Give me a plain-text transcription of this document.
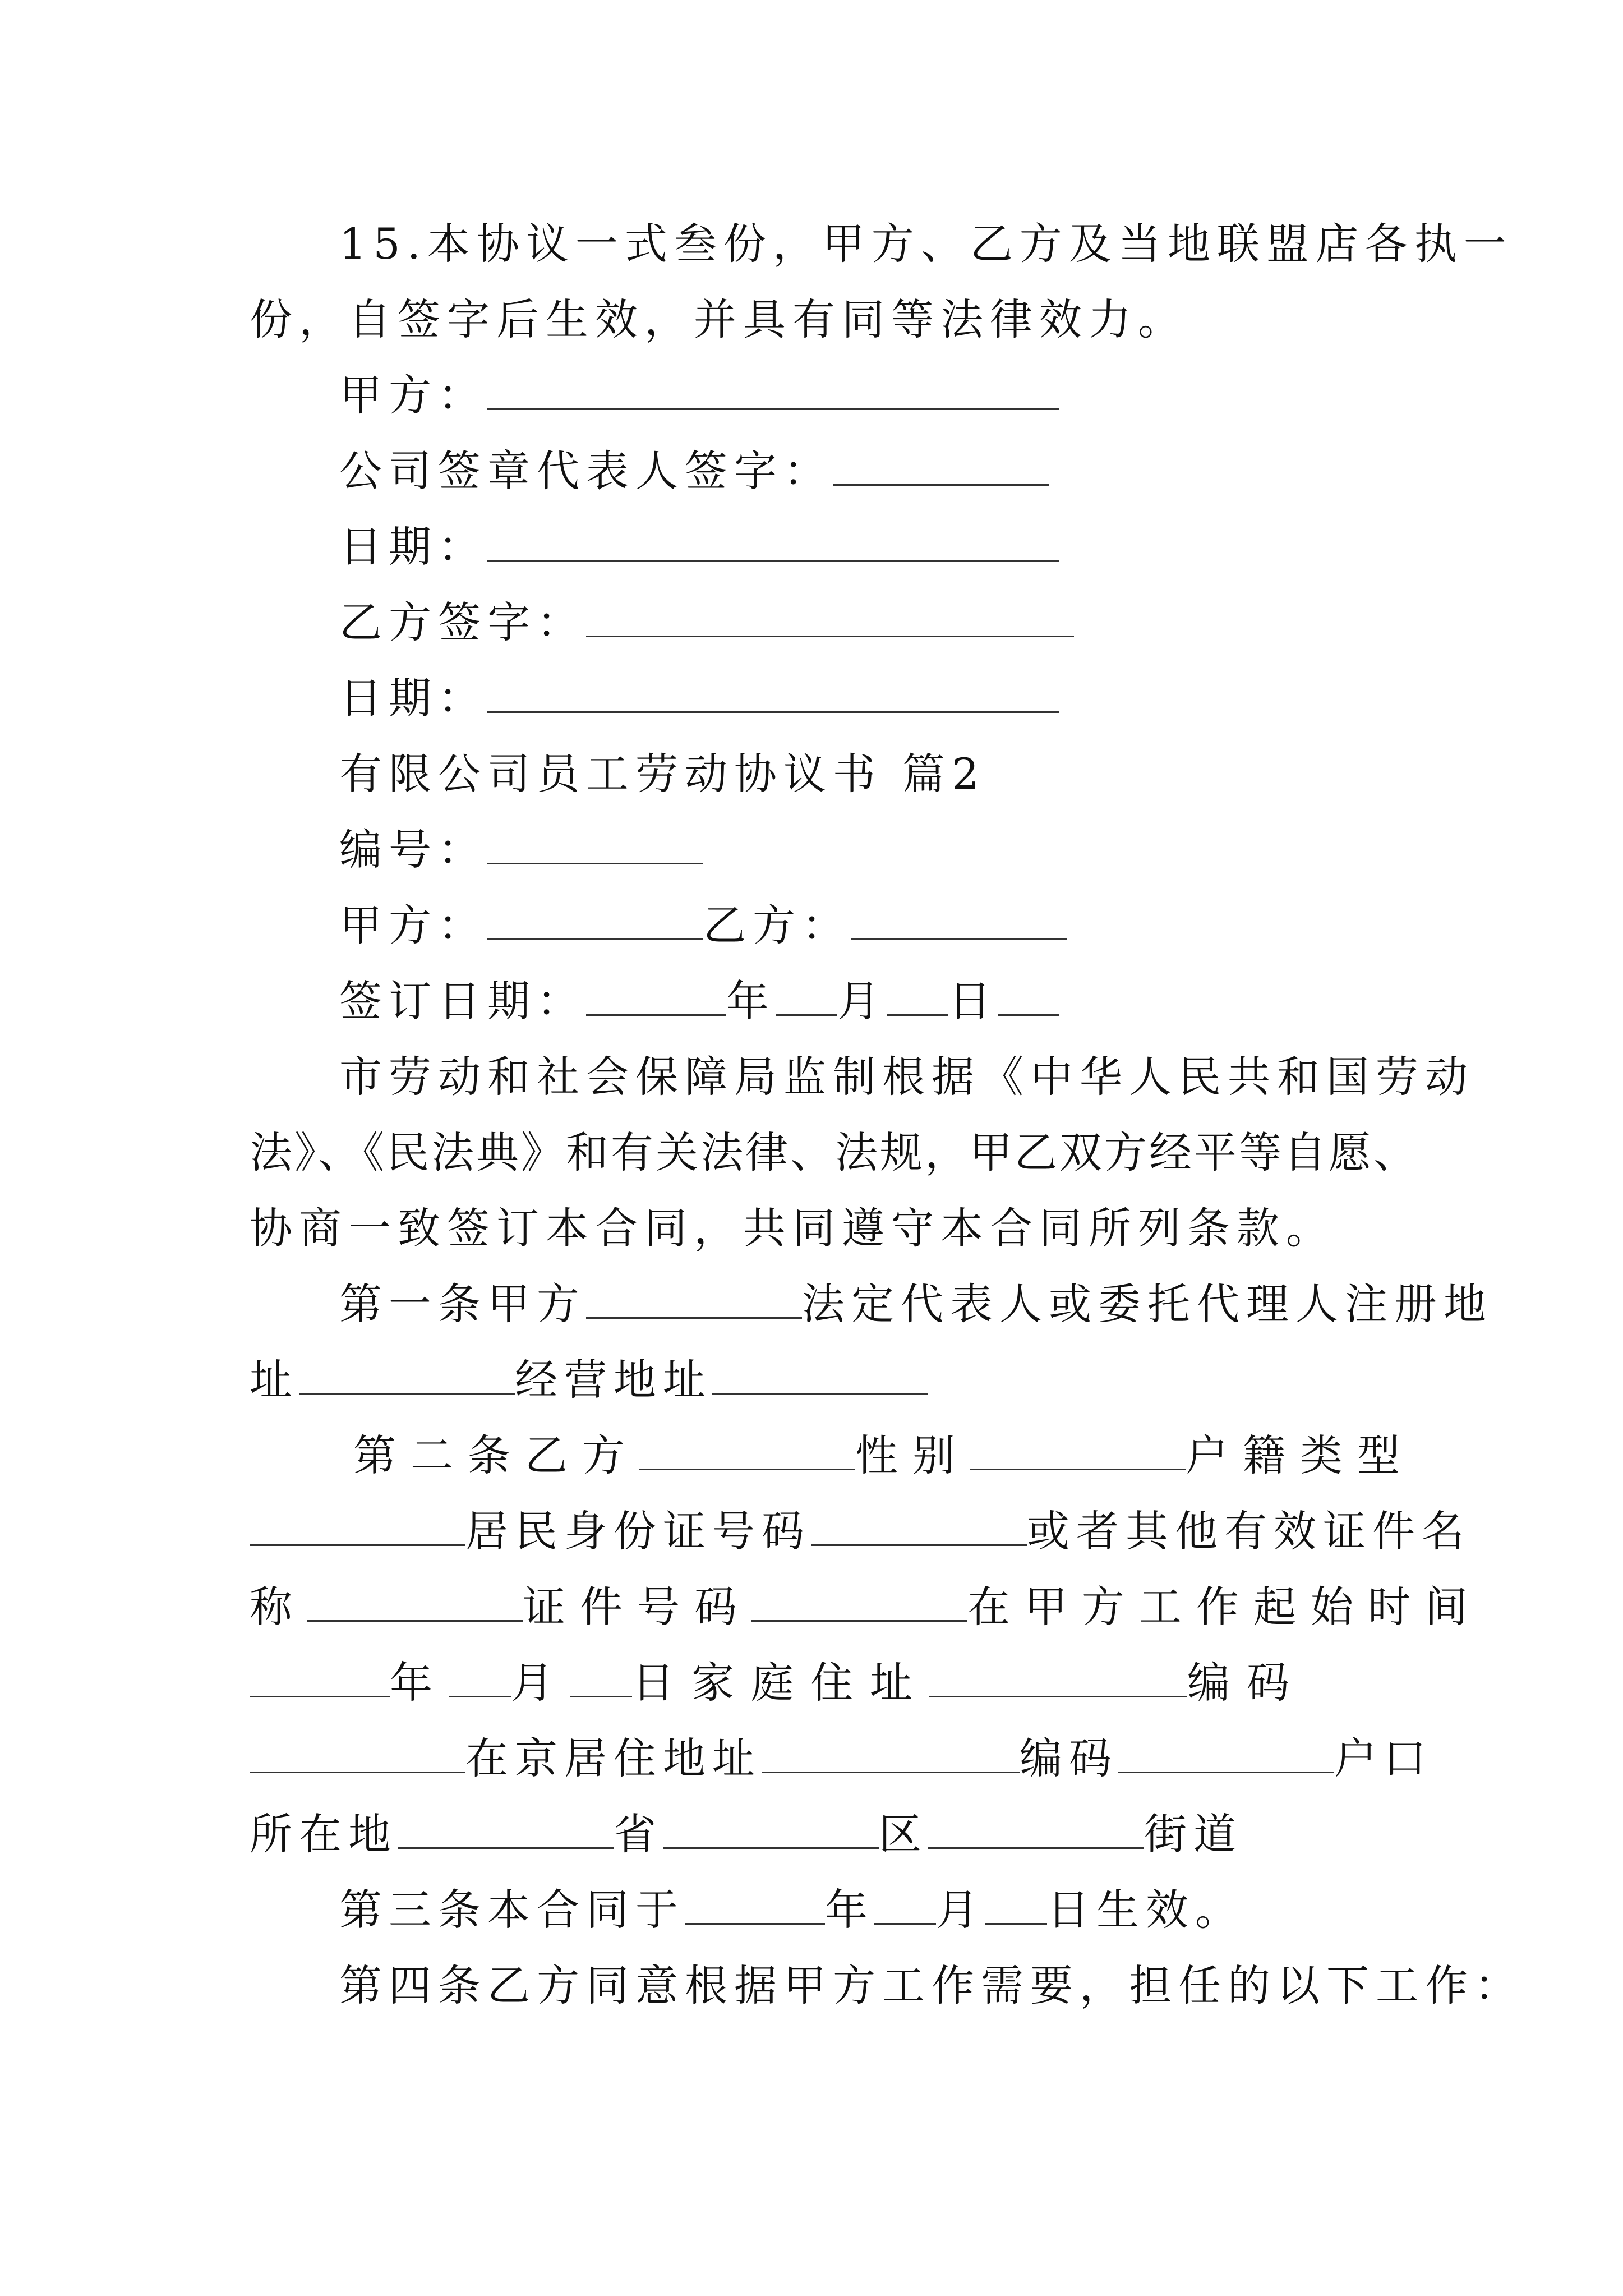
15.本协议一式叁份，甲方、乙方及当地联盟店各执一
份，自签字后生效，并具有同等法律效力。
甲方：
公司签章代表人签字：
日期：
乙方签字：
日期：
有限公司员工劳动协议书 篇2
编号：
甲方：	乙方：
签订日期：	年 月 日
市劳动和社会保障局监制根据《中华人民共和国劳动
法》、《民法典》和有关法律、法规，甲乙双方经平等自愿、
协商一致签订本合同，共同遵守本合同所列条款。
第一条甲方	法定代表人或委托代理人注册地
址	经营地址
第二条乙方	性别	户籍类型
居民身份证号码	或者其他有效证件名
称	证件号码	在甲方工作起始时间
年 月 日家庭住址	编码
在京居住地址	编码	户口
所在地	省	区	街道
第三条本合同于	年 月 日生效。
第四条乙方同意根据甲方工作需要，担任的以下工作：
